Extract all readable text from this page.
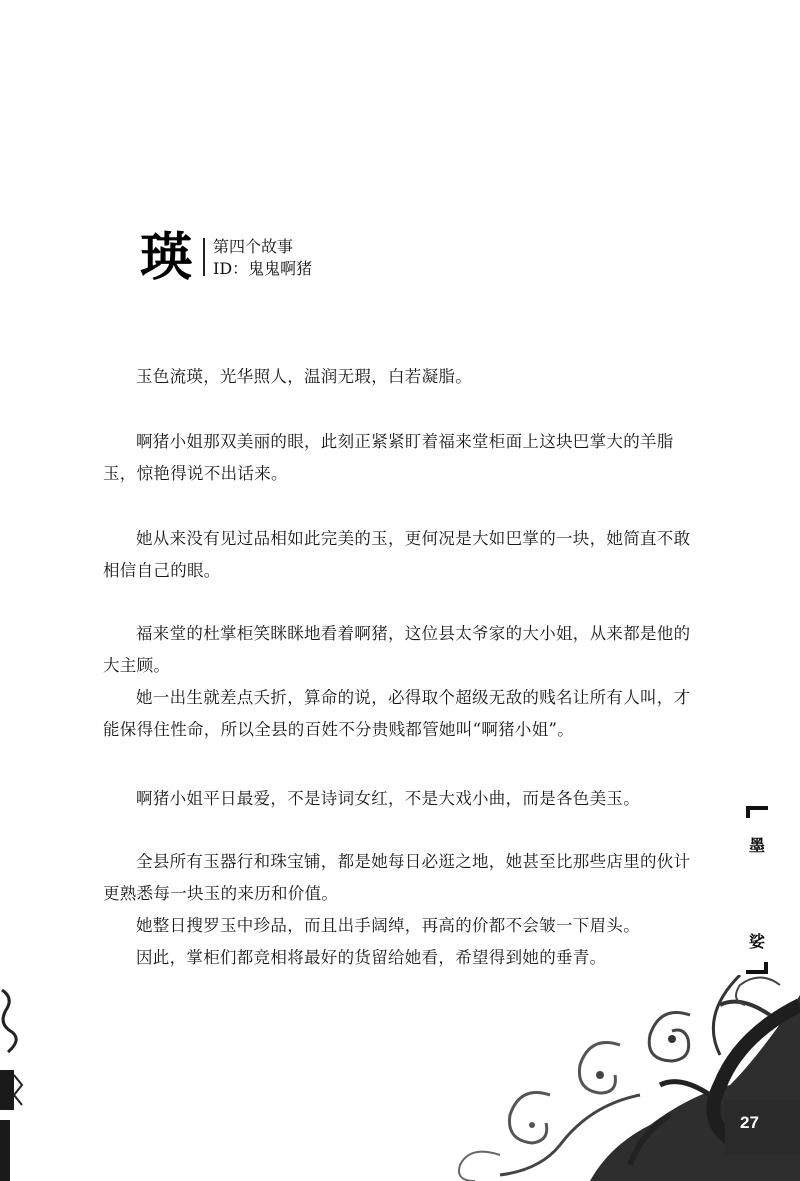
瑛 第四个故事
ID：鬼鬼啊猪

玉色流瑛，光华照人，温润无瑕，白若凝脂。

啊猪小姐那双美丽的眼，此刻正紧紧盯着福来堂柜面上这块巴掌大的羊脂玉，惊艳得说不出话来。

她从来没有见过品相如此完美的玉，更何况是大如巴掌的一块，她简直不敢相信自己的眼。

福来堂的杜掌柜笑眯眯地看着啊猪，这位县太爷家的大小姐，从来都是他的大主顾。

她一出生就差点夭折，算命的说，必得取个超级无敌的贱名让所有人叫，才能保得住性命，所以全县的百姓不分贵贱都管她叫“啊猪小姐”。

啊猪小姐平日最爱，不是诗词女红，不是大戏小曲，而是各色美玉。

全县所有玉器行和珠宝铺，都是她每日必逛之地，她甚至比那些店里的伙计更熟悉每一块玉的来历和价值。

她整日搜罗玉中珍品，而且出手阔绰，再高的价都不会皱一下眉头。

因此，掌柜们都竞相将最好的货留给她看，希望得到她的垂青。

墨
娑
27
